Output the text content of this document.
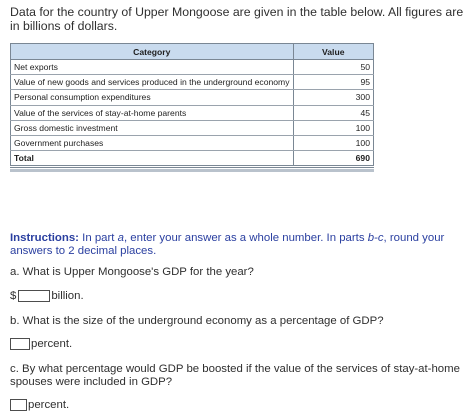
Data for the country of Upper Mongoose are given in the table below. All figures are in billions of dollars.
Category	Value
Net exports	50
Value of new goods and services produced in the underground economy	95
Personal consumption expenditures	300
Value of the services of stay-at-home parents	45
Gross domestic investment	100
Government purchases	100
Total	690
Instructions: In part a, enter your answer as a whole number. In parts b-c, round your answers to 2 decimal places.
a. What is Upper Mongoose's GDP for the year?
$	billion.
b. What is the size of the underground economy as a percentage of GDP?
percent.
c. By what percentage would GDP be boosted if the value of the services of stay-at-home spouses were included in GDP?
percent.
